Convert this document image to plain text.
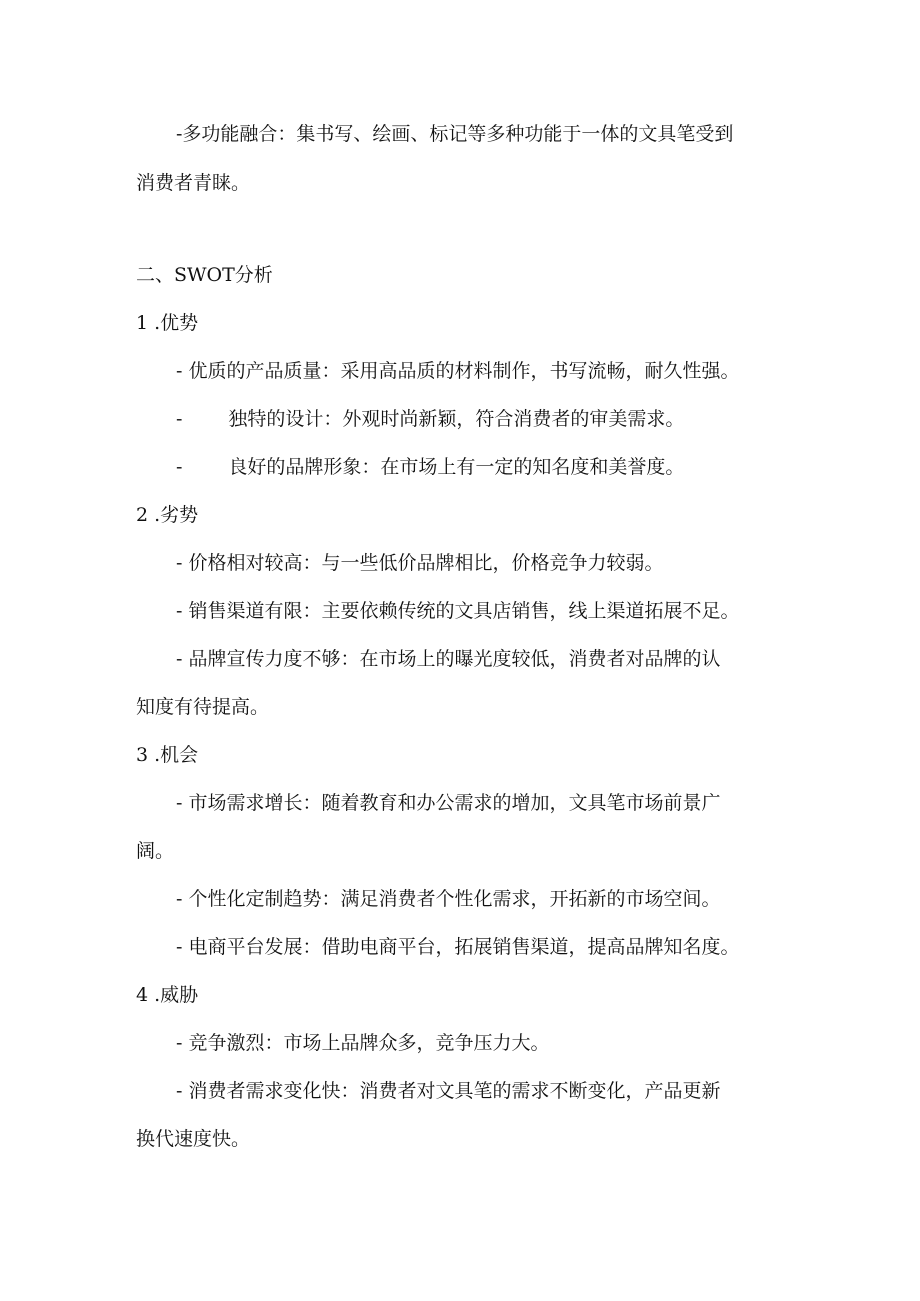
-多功能融合：集书写、绘画、标记等多种功能于一体的文具笔受到
消费者青睐。
二、SWOT分析
1 .优势
- 优质的产品质量：采用高品质的材料制作，书写流畅，耐久性强。
- 独特的设计：外观时尚新颖，符合消费者的审美需求。
- 良好的品牌形象：在市场上有一定的知名度和美誉度。
2 .劣势
- 价格相对较高：与一些低价品牌相比，价格竞争力较弱。
- 销售渠道有限：主要依赖传统的文具店销售，线上渠道拓展不足。
- 品牌宣传力度不够：在市场上的曝光度较低，消费者对品牌的认
知度有待提高。
3 .机会
- 市场需求增长：随着教育和办公需求的增加，文具笔市场前景广
阔。
- 个性化定制趋势：满足消费者个性化需求，开拓新的市场空间。
- 电商平台发展：借助电商平台，拓展销售渠道，提高品牌知名度。
4 .威胁
- 竞争激烈：市场上品牌众多，竞争压力大。
- 消费者需求变化快：消费者对文具笔的需求不断变化，产品更新
换代速度快。
